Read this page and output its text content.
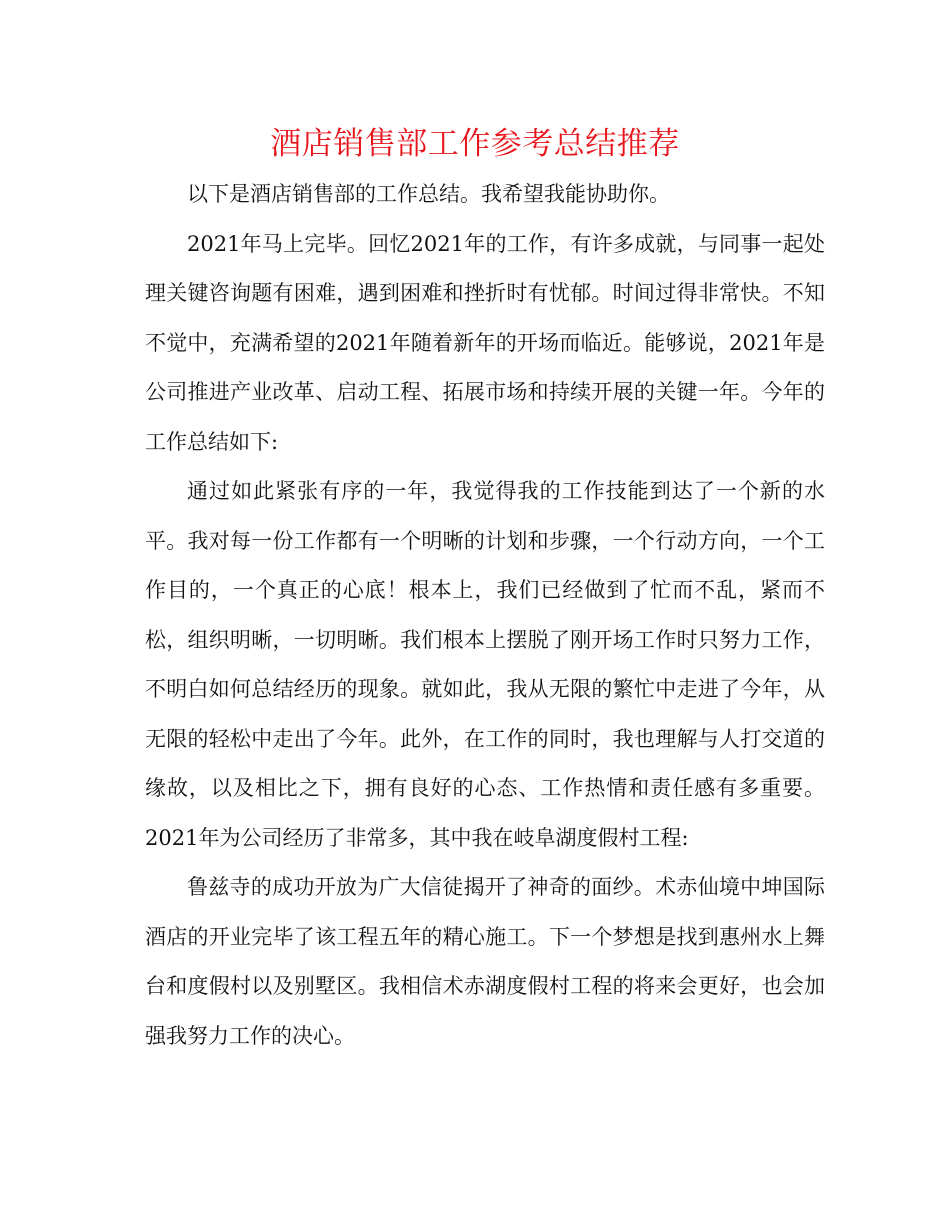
酒店销售部工作参考总结推荐

以下是酒店销售部的工作总结。我希望我能协助你。

2021年马上完毕。回忆2021年的工作，有许多成就，与同事一起处理关键咨询题有困难，遇到困难和挫折时有忧郁。时间过得非常快。不知不觉中，充满希望的2021年随着新年的开场而临近。能够说，2021年是公司推进产业改革、启动工程、拓展市场和持续开展的关键一年。今年的工作总结如下:

通过如此紧张有序的一年，我觉得我的工作技能到达了一个新的水平。我对每一份工作都有一个明晰的计划和步骤，一个行动方向，一个工作目的，一个真正的心底！根本上，我们已经做到了忙而不乱，紧而不松，组织明晰，一切明晰。我们根本上摆脱了刚开场工作时只努力工作，不明白如何总结经历的现象。就如此，我从无限的繁忙中走进了今年，从无限的轻松中走出了今年。此外，在工作的同时，我也理解与人打交道的缘故，以及相比之下，拥有良好的心态、工作热情和责任感有多重要。2021年为公司经历了非常多，其中我在岐阜湖度假村工程:

鲁兹寺的成功开放为广大信徒揭开了神奇的面纱。术赤仙境中坤国际酒店的开业完毕了该工程五年的精心施工。下一个梦想是找到惠州水上舞台和度假村以及别墅区。我相信术赤湖度假村工程的将来会更好，也会加强我努力工作的决心。
